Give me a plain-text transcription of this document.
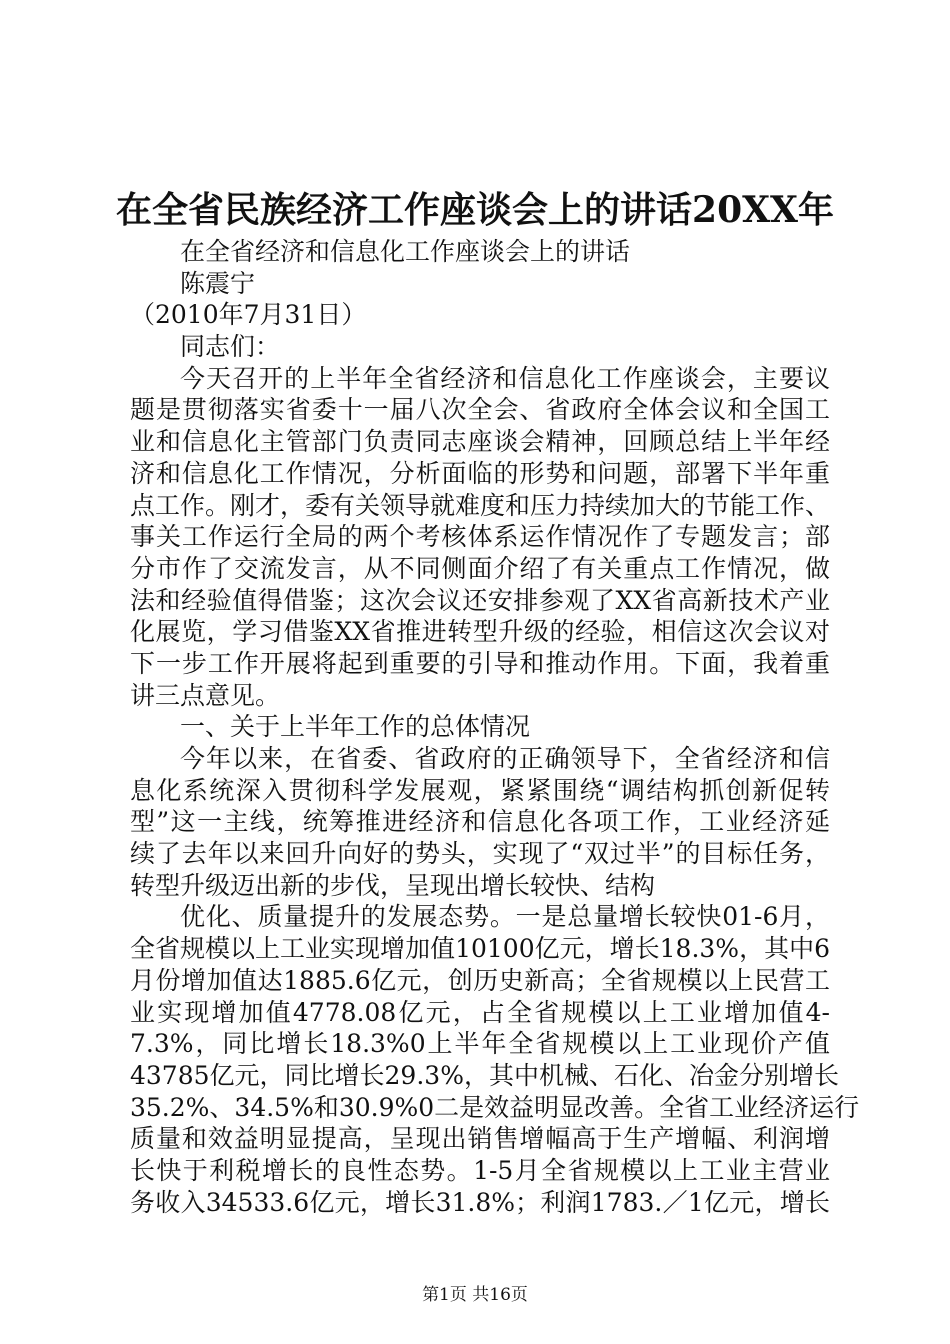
在全省民族经济工作座谈会上的讲话20XX年
在全省经济和信息化工作座谈会上的讲话
陈震宁
（2010年7月31日）
同志们：
今天召开的上半年全省经济和信息化工作座谈会，主要议
题是贯彻落实省委十一届八次全会、省政府全体会议和全国工
业和信息化主管部门负责同志座谈会精神，回顾总结上半年经
济和信息化工作情况，分析面临的形势和问题，部署下半年重
点工作。刚才，委有关领导就难度和压力持续加大的节能工作、
事关工作运行全局的两个考核体系运作情况作了专题发言；部
分市作了交流发言，从不同侧面介绍了有关重点工作情况，做
法和经验值得借鉴；这次会议还安排参观了XX省高新技术产业
化展览，学习借鉴XX省推进转型升级的经验，相信这次会议对
下一步工作开展将起到重要的引导和推动作用。下面，我着重
讲三点意见。
一、关于上半年工作的总体情况
今年以来，在省委、省政府的正确领导下，全省经济和信
息化系统深入贯彻科学发展观，紧紧围绕“调结构抓创新促转
型”这一主线，统筹推进经济和信息化各项工作，工业经济延
续了去年以来回升向好的势头，实现了“双过半”的目标任务，
转型升级迈出新的步伐，呈现出增长较快、结构
优化、质量提升的发展态势。一是总量增长较快01-6月，
全省规模以上工业实现增加值10100亿元，增长18.3%，其中6
月份增加值达1885.6亿元，创历史新高；全省规模以上民营工
业实现增加值4778.08亿元，占全省规模以上工业增加值4-
7.3%，同比增长18.3%0上半年全省规模以上工业现价产值
43785亿元，同比增长29.3%，其中机械、石化、冶金分别增长
35.2%、34.5%和30.9%0二是效益明显改善。全省工业经济运行
质量和效益明显提高，呈现出销售增幅高于生产增幅、利润增
长快于利税增长的良性态势。1-5月全省规模以上工业主营业
务收入34533.6亿元，增长31.8%；利润1783.／1亿元，增长
第1页 共16页
